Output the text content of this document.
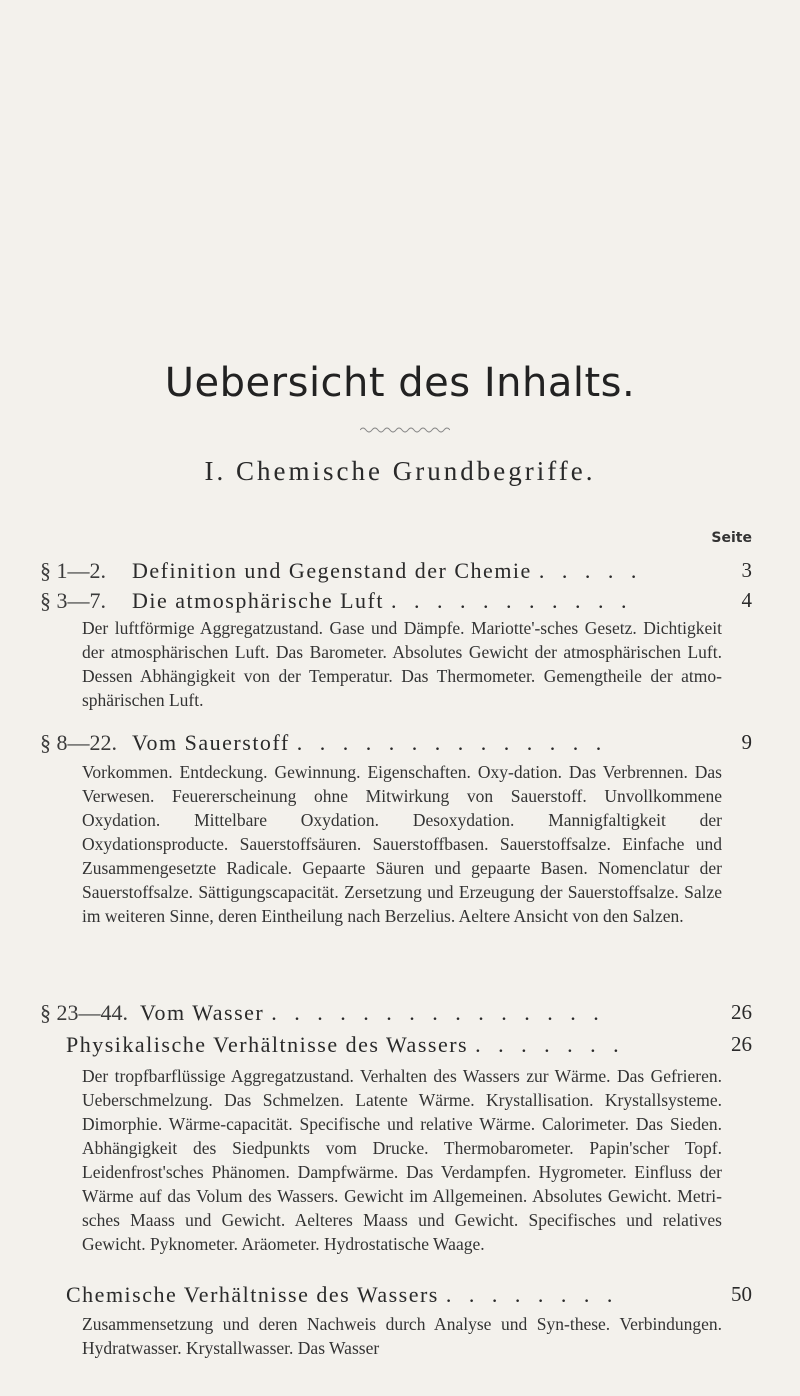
Uebersicht des Inhalts.
I. Chemische Grundbegriffe.
Seite
§ 1—2. Definition und Gegenstand der Chemie . . . . .	3
§ 3—7. Die atmosphärische Luft . . . . . . . . . . .	4
Der luftförmige Aggregatzustand. Gase und Dämpfe. Mariotte'-sches Gesetz. Dichtigkeit der atmosphärischen Luft. Das Barometer. Absolutes Gewicht der atmosphärischen Luft. Dessen Abhängigkeit von der Temperatur. Das Thermometer. Gemengtheile der atmo-sphärischen Luft.
§ 8—22. Vom Sauerstoff . . . . . . . . . . . . . .	9
Vorkommen. Entdeckung. Gewinnung. Eigenschaften. Oxy-dation. Das Verbrennen. Das Verwesen. Feuererscheinung ohne Mitwirkung von Sauerstoff. Unvollkommene Oxydation. Mittelbare Oxydation. Desoxydation. Mannigfaltigkeit der Oxydationsproducte. Sauerstoffsäuren. Sauerstoffbasen. Sauerstoffsalze. Einfache und Zusammengesetzte Radicale. Gepaarte Säuren und gepaarte Basen. Nomenclatur der Sauerstoffsalze. Sättigungscapacität. Zersetzung und Erzeugung der Sauerstoffsalze. Salze im weiteren Sinne, deren Eintheilung nach Berzelius. Aeltere Ansicht von den Salzen.
§ 23—44. Vom Wasser . . . . . . . . . . . . . . .	26
Physikalische Verhältnisse des Wassers . . . . . . .	26
Der tropfbarflüssige Aggregatzustand. Verhalten des Wassers zur Wärme. Das Gefrieren. Ueberschmelzung. Das Schmelzen. Latente Wärme. Krystallisation. Krystallsysteme. Dimorphie. Wärme-capacität. Specifische und relative Wärme. Calorimeter. Das Sieden. Abhängigkeit des Siedpunkts vom Drucke. Thermobarometer. Papin'scher Topf. Leidenfrost'sches Phänomen. Dampfwärme. Das Verdampfen. Hygrometer. Einfluss der Wärme auf das Volum des Wassers. Gewicht im Allgemeinen. Absolutes Gewicht. Metri-sches Maass und Gewicht. Aelteres Maass und Gewicht. Specifisches und relatives Gewicht. Pyknometer. Aräometer. Hydrostatische Waage.
Chemische Verhältnisse des Wassers . . . . . . . .	50
Zusammensetzung und deren Nachweis durch Analyse und Syn-these. Verbindungen. Hydratwasser. Krystallwasser. Das Wasser
